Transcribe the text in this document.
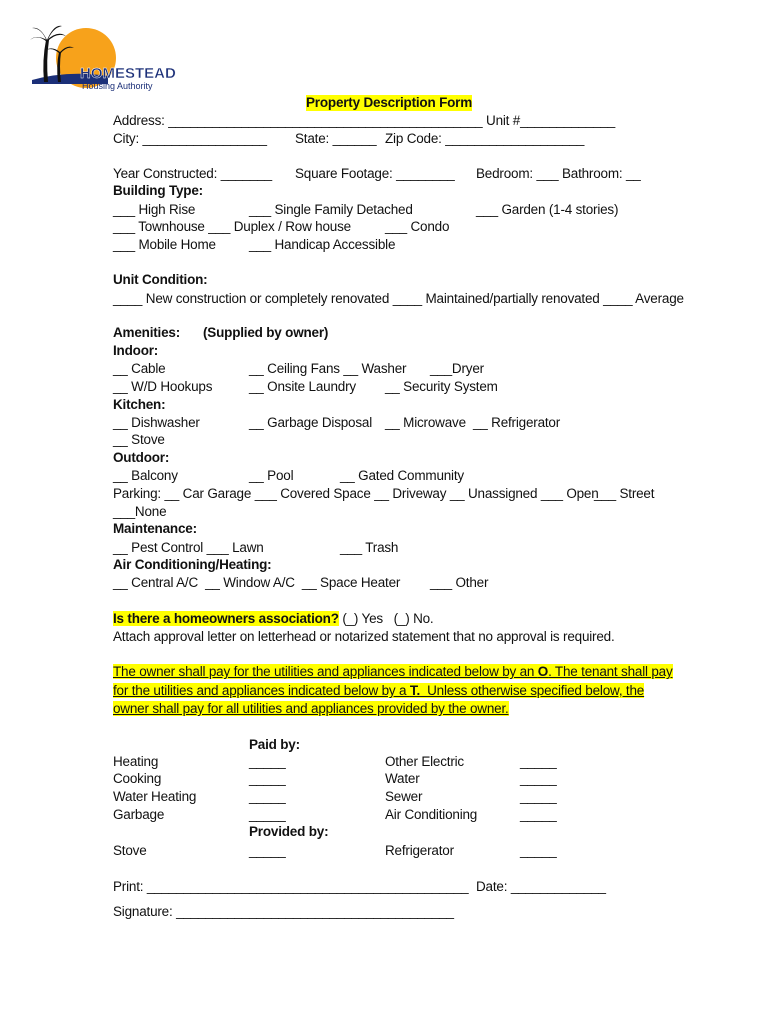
HOMESTEAD
Housing Authority
Property Description Form
Address: ___________________________________________ Unit #_____________
City: _________________ State: ______ Zip Code: ___________________
Year Constructed: _______ Square Footage: ________ Bedroom: ___ Bathroom: __
Building Type:
___ High Rise	___ Single Family Detached	___ Garden (1-4 stories)
___ Townhouse ___ Duplex / Row house	___ Condo
___ Mobile Home ___ Handicap Accessible
Unit Condition:
____ New construction or completely renovated ____ Maintained/partially renovated ____ Average
Amenities: (Supplied by owner)
Indoor:
__ Cable	__ Ceiling Fans __ Washer ___Dryer
__ W/D Hookups	__ Onsite Laundry __ Security System
Kitchen:
__ Dishwasher	__ Garbage Disposal __ Microwave  __ Refrigerator
__ Stove
Outdoor:
__ Balcony	__ Pool	__ Gated Community
Parking: __ Car Garage ___ Covered Space __ Driveway __ Unassigned ___ Open
___ Street
___None
Maintenance:
__ Pest Control ___ Lawn	___ Trash
Air Conditioning/Heating:
__ Central A/C  __ Window A/C  __ Space Heater ___ Other
Is there a homeowners association? (_) Yes   (_) No.
Attach approval letter on letterhead or notarized statement that no approval is required.
The owner shall pay for the utilities and appliances indicated below by an O. The tenant shall pay
for the utilities and appliances indicated below by a T.  Unless otherwise specified below, the
owner shall pay for all utilities and appliances provided by the owner.
Paid by:
Heating	_____	Other Electric	_____
Cooking	_____	Water	_____
Water Heating	_____	Sewer	_____
Garbage	_____	Air Conditioning	_____
Provided by:
Stove	_____	Refrigerator	_____
Print: ____________________________________________ Date: _____________
Signature: ______________________________________
